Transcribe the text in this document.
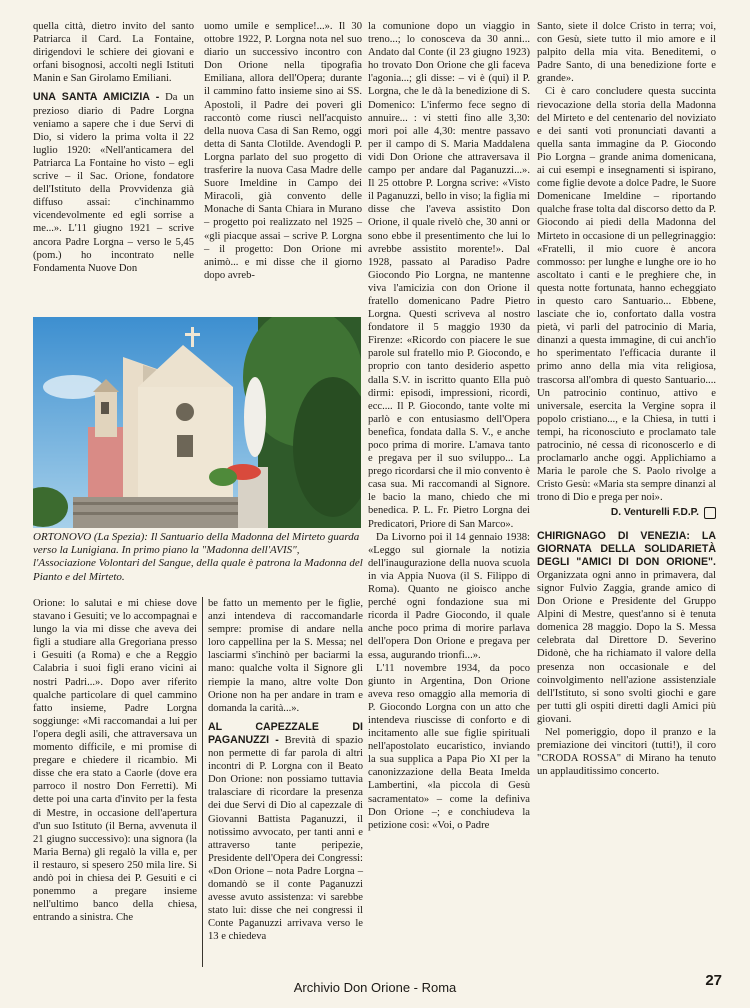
quella città, dietro invito del santo Patriarca il Card. La Fontaine, dirigendovi le schiere dei giovani e orfani bisognosi, accolti negli Istituti Manin e San Girolamo Emiliani.

UNA SANTA AMICIZIA - Da un prezioso diario di Padre Lorgna veniamo a sapere che i due Servi di Dio, si videro la prima volta il 22 luglio 1920: «Nell'anticamera del Patriarca La Fontaine ho visto – egli scrive – il Sac. Orione, fondatore dell'Istituto della Provvidenza già diffuso assai: c'inchinammo vicendevolmente ed egli sorrise a me...». L'11 giugno 1921 – scrive ancora Padre Lorgna – verso le 5,45 (pom.) ho incontrato nelle Fondamenta Nuove Don

uomo umile e semplice!...». Il 30 ottobre 1922, P. Lorgna nota nel suo diario un successivo incontro con Don Orione nella tipografia Emiliana, allora dell'Opera; durante il cammino fatto insieme sino ai SS. Apostoli, il Padre dei poveri gli raccontò come riuscì nell'acquisto della nuova Casa di San Remo, oggi detta di Santa Clotilde. Avendogli P. Lorgna parlato del suo progetto di trasferire la nuova Casa Madre delle Suore Imeldine in Campo dei Miracoli, già convento delle Monache di Santa Chiara in Murano – progetto poi realizzato nel 1925 – «gli piacque assai – scrive P. Lorgna – il progetto: Don Orione mi animò... e mi disse che il giorno dopo avreb-

ORTONOVO (La Spezia): Il Santuario della Madonna del Mirteto guarda verso la Lunigiana. In primo piano la "Madonna dell'AVIS", l'Associazione Volontari del Sangue, della quale è patrona la Madonna del Pianto e del Mirteto.

Orione: lo salutai e mi chiese dove stavano i Gesuiti; ve lo accompagnai e lungo la via mi disse che aveva dei figli a studiare alla Gregoriana presso i Gesuiti (a Roma) e che a Reggio Calabria i suoi figli erano vicini ai nostri Padri...». Dopo aver riferito qualche particolare di quel cammino fatto insieme, Padre Lorgna soggiunge: «Mi raccomandai a lui per l'opera degli asili, che attraversava un momento difficile, e mi promise di pregare e chiedere il ricambio. Mi disse che era stato a Caorle (dove era parroco il nostro Don Ferretti). Mi dette poi una carta d'invito per la festa di Mestre, in occasione dell'apertura d'un suo Istituto (il Berna, avvenuta il 21 giugno successivo): una signora (la Maria Berna) gli regalò la villa e, per il restauro, si spesero 250 mila lire. Si andò poi in chiesa dei P. Gesuiti e ci ponemmo a pregare insieme nell'ultimo banco della chiesa, entrando a sinistra. Che

be fatto un memento per le figlie, anzi intendeva di raccomandarle sempre: promise di andare nella loro cappellina per la S. Messa; nel lasciarmi s'inchinò per baciarmi la mano: qualche volta il Signore gli riempie la mano, altre volte Don Orione non ha per andare in tram e domanda la carità...».

AL CAPEZZALE DI PAGANUZZI - Brevità di spazio non permette di far parola di altri incontri di P. Lorgna con il Beato Don Orione: non possiamo tuttavia tralasciare di ricordare la presenza dei due Servi di Dio al capezzale di Giovanni Battista Paganuzzi, il notissimo avvocato, per tanti anni e attraverso tante peripezie, Presidente dell'Opera dei Congressi: «Don Orione – nota Padre Lorgna – domandò se il conte Paganuzzi avesse avuto assistenza: vi sarebbe stato lui: disse che nei congressi il Conte Paganuzzi arrivava verso le 13 e chiedeva

la comunione dopo un viaggio in treno...; lo conosceva da 30 anni... Andato dal Conte (il 23 giugno 1923) ho trovato Don Orione che gli faceva l'agonia...; gli disse: – vi è (qui) il P. Lorgna, che le dà la benedizione di S. Domenico: L'infermo fece segno di annuire... : vi stetti fino alle 3,30: morì poi alle 4,30: mentre passavo per il campo di S. Maria Maddalena vidi Don Orione che attraversava il campo per andare dal Paganuzzi...». Il 25 ottobre P. Lorgna scrive: «Visto il Paganuzzi, bello in viso; la figlia mi disse che l'aveva assistito Don Orione, il quale rivelò che, 30 anni or sono ebbe il presentimento che lui lo avrebbe assistito morente!». Dal 1928, passato al Paradiso Padre Giocondo Pio Lorgna, ne mantenne viva l'amicizia con don Orione il fratello domenicano Padre Pietro Lorgna. Questi scriveva al nostro fondatore il 5 maggio 1930 da Firenze: «Ricordo con piacere le sue parole sul fratello mio P. Giocondo, e proprio con tanto desiderio aspetto dalla S.V. in iscritto quanto Ella può dirmi: episodi, impressioni, ricordi, ecc.... Il P. Giocondo, tante volte mi parlò e con entusiasmo dell'Opera benefica, fondata dalla S. V., e anche poco prima di morire. L'amava tanto e pregava per il suo sviluppo... La prego ricordarsi che il mio convento è casa sua. Mi raccomandi al Signore. le bacio la mano, chiedo che mi benedica. P. L. Fr. Pietro Lorgna dei Predicatori, Priore di San Marco».

Da Livorno poi il 14 gennaio 1938: «Leggo sul giornale la notizia dell'inaugurazione della nuova scuola in via Appia Nuova (il S. Filippo di Roma). Quanto ne gioisco anche perché ogni fondazione sua mi ricorda il Padre Giocondo, il quale anche poco prima di morire parlava dell'opera Don Orione e pregava per essa, augurando trionfi...».

L'11 novembre 1934, da poco giunto in Argentina, Don Orione aveva reso omaggio alla memoria di P. Giocondo Lorgna con un atto che intendeva riuscisse di conforto e di incitamento alle sue figlie spirituali nell'apostolato eucaristico, inviando la sua supplica a Papa Pio XI per la canonizzazione della Beata Imelda Lambertini, «la piccola di Gesù sacramentato» – come la definiva Don Orione –; e conchiudeva la petizione così: «Voi, o Padre

Santo, siete il dolce Cristo in terra; voi, con Gesù, siete tutto il mio amore e il palpito della mia vita. Beneditemi, o Padre Santo, di una benedizione forte e grande».

Ci è caro concludere questa succinta rievocazione della storia della Madonna del Mirteto e del centenario del noviziato e dei santi voti pronunciati davanti a quella santa immagine da P. Giocondo Pio Lorgna – grande anima domenicana, ai cui esempi e insegnamenti si ispirano, come figlie devote a dolce Padre, le Suore Domenicane Imeldine – riportando qualche frase tolta dal discorso detto da P. Giocondo ai piedi della Madonna del Mirteto in occasione di un pellegrinaggio: «Fratelli, il mio cuore è ancora commosso: per lunghe e lunghe ore io ho ascoltato i canti e le preghiere che, in questa notte fortunata, hanno echeggiato in questo caro Santuario... Ebbene, lasciate che io, confortato dalla vostra pietà, vi parli del patrocinio di Maria, dinanzi a questa immagine, di cui anch'io ho sperimentato l'efficacia durante il primo anno della mia vita religiosa, trascorsa all'ombra di questo Santuario.... Un patrocinio continuo, attivo e universale, esercita la Vergine sopra il popolo cristiano..., e la Chiesa, in tutti i tempi, ha riconosciuto e proclamato tale patrocinio, né cessa di riconoscerlo e di proclamarlo anche oggi. Applichiamo a Maria le parole che S. Paolo rivolge a Cristo Gesù: «Maria sta sempre dinanzi al trono di Dio e prega per noi».

D. Venturelli F.D.P.

CHIRIGNAGO DI VENEZIA: LA GIORNATA DELLA SOLIDARIETÀ DEGLI "AMICI DI DON ORIONE". Organizzata ogni anno in primavera, dal signor Fulvio Zaggia, grande amico di Don Orione e Presidente del Gruppo Alpini di Mestre, quest'anno si è tenuta domenica 28 maggio. Dopo la S. Messa celebrata dal Direttore D. Severino Didonè, che ha richiamato il valore della presenza non occasionale e del coinvolgimento nell'azione assistenziale dell'Istituto, si sono svolti giochi e gare per tutti gli ospiti diretti dagli Amici più giovani.

Nel pomeriggio, dopo il pranzo e la premiazione dei vincitori (tutti!), il coro "CRODA ROSSA" di Mirano ha tenuto un applauditissimo concerto.

27
Archivio Don Orione - Roma
